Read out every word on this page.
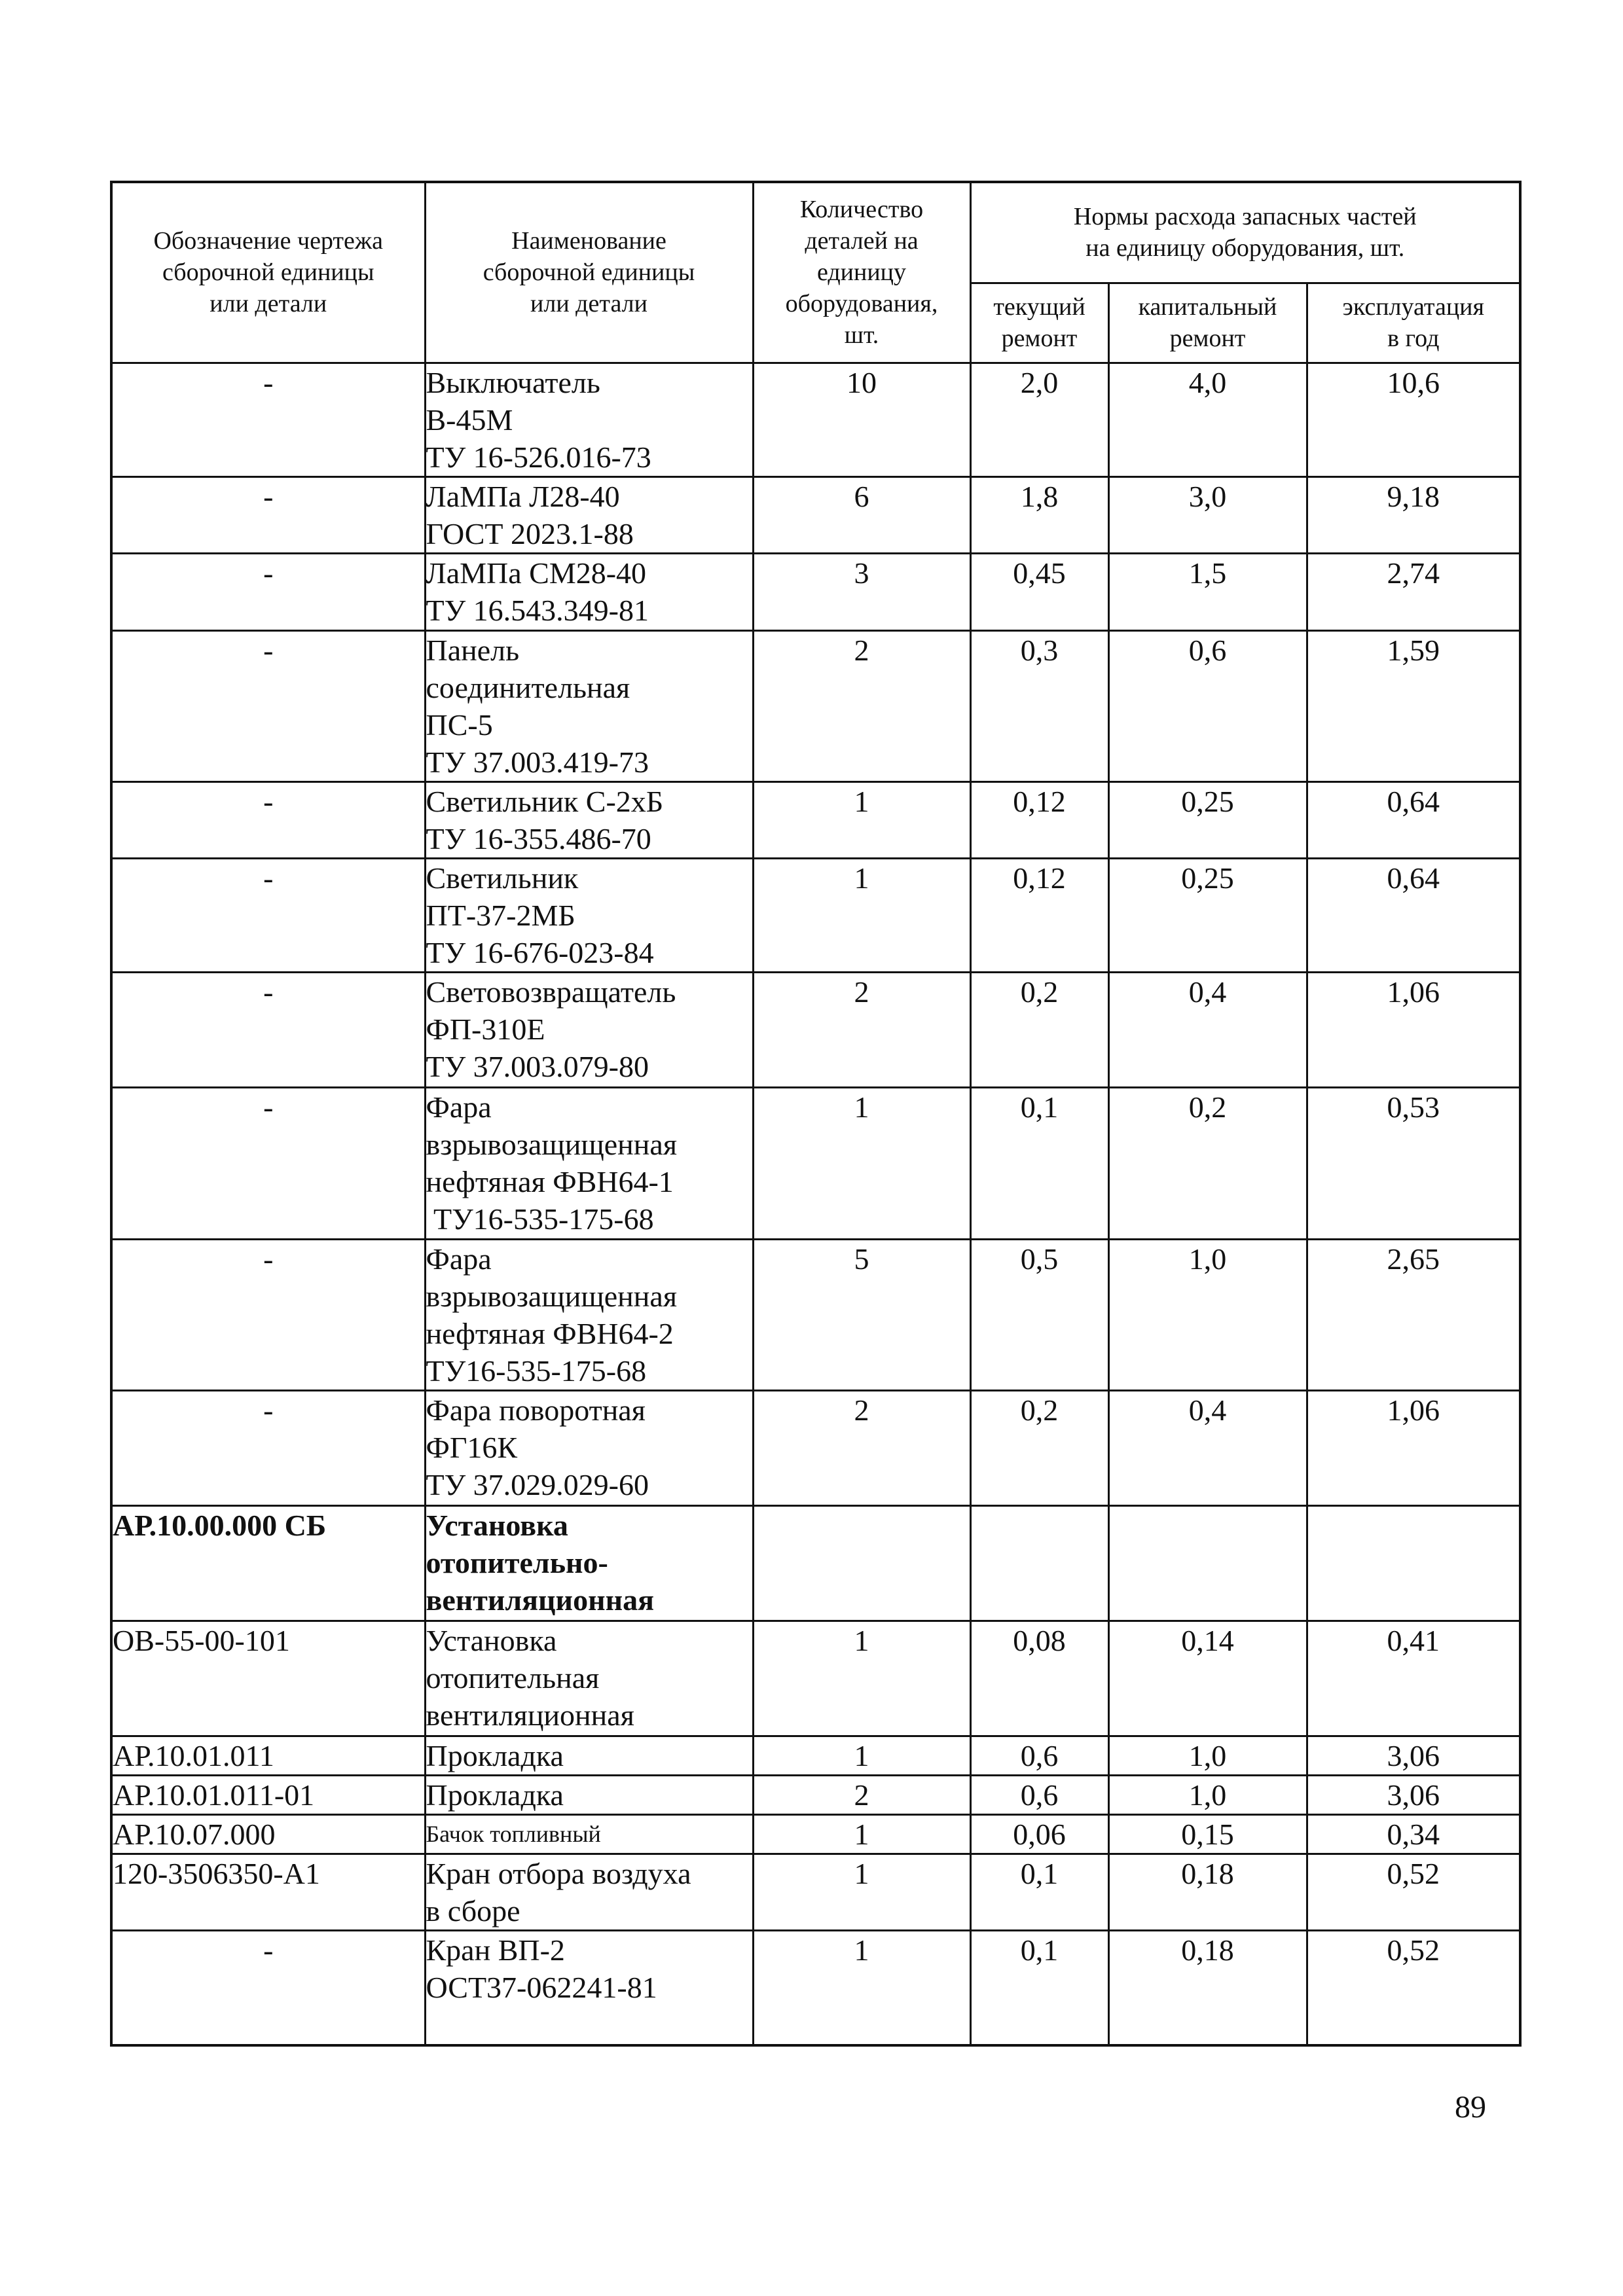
Обозначение чертежа
сборочной единицы
или детали	Наименование
сборочной единицы
или детали	Количество
деталей на
единицу
оборудования,
шт.	Нормы расхода запасных частей
на единицу оборудования, шт.		

			текущий
ремонт	капитальный
ремонт	эксплуатация
в год

-	Выключатель
В-45М
ТУ 16-526.016-73	10	2,0	4,0	10,6
-	ЛаМПа Л28-40
ГОСТ 2023.1-88	6	1,8	3,0	9,18
-	ЛаМПа СМ28-40
ТУ 16.543.349-81	3	0,45	1,5	2,74
-	Панель
соединительная
ПС-5
ТУ 37.003.419-73	2	0,3	0,6	1,59
-	Светильник С-2хБ
ТУ 16-355.486-70	1	0,12	0,25	0,64
-	Светильник
ПТ-37-2МБ
ТУ 16-676-023-84	1	0,12	0,25	0,64
-	Световозвращатель
ФП-310Е
ТУ 37.003.079-80	2	0,2	0,4	1,06
-	Фара
взрывозащищенная
нефтяная ФВН64-1
ТУ16-535-175-68	1	0,1	0,2	0,53
-	Фара
взрывозащищенная
нефтяная ФВН64-2
ТУ16-535-175-68	5	0,5	1,0	2,65
-	Фара поворотная
ФГ16К
ТУ 37.029.029-60	2	0,2	0,4	1,06
АР.10.00.000 СБ	Установка
отопительно-
вентиляционная				

ОВ-55-00-101	Установка
отопительная
вентиляционная	1	0,08	0,14	0,41
АР.10.01.011	Прокладка	1	0,6	1,0	3,06
АР.10.01.011-01	Прокладка	2	0,6	1,0	3,06
АР.10.07.000	Бачок топливный	1	0,06	0,15	0,34
120-3506350-А1	Кран отбора воздуха
в сборе	1	0,1	0,18	0,52
-	Кран ВП-2
ОСТ37-062241-81	1	0,1	0,18	0,52
89
